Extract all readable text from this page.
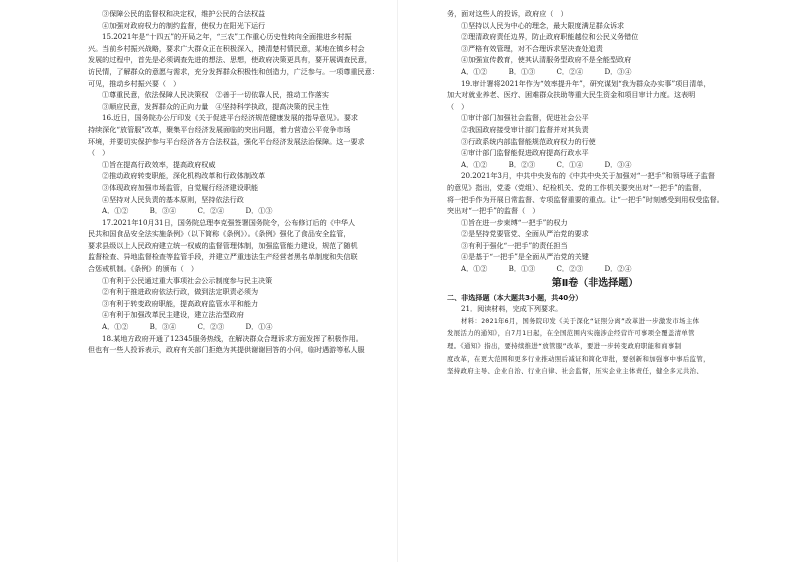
③保障公民的监督权和决定权，维护公民的合法权益
④加强对政府权力的制约监督，使权力在阳光下运行
15.2021年是“十四五”的开局之年，“三农”工作重心历史性转向全面推进乡村振
兴。当前乡村振兴战略，要求广大群众正在积极深入，摸清楚村情民意，某地在镇乡村会
发展的过程中，首先是必须调查先进的想法、思想，使政府决策更具有，要开展调查民意，
访民情，了解群众的意愿与需求，充分发挥群众积极性和创造力，广泛参与。一项尊重民意：
可见，推动乡村振兴要（　）
①尊重民意，依法保障人民决策权　②善于一切依靠人民，推动工作落实
③顺应民意，发挥群众的正向力量　④坚持科学执政，提高决策的民主性
16.近日，国务院办公厅印发《关于促进平台经济规范健康发展的指导意见》。要求
持续深化“放管服”改革，聚集平台经济发展面临的突出问题，着力营造公平竞争市场
环境，并要切实保护参与平台经济各方合法权益，强化平台经济发展法治保障。这一要求
（　）
①旨在提高行政效率，提高政府权威
②推动政府转变职能，深化机构改革和行政体制改革
③体现政府加强市场监管，自觉履行经济建设职能
④坚持对人民负责的基本原则，坚持依法行政
A．①②　　　B．③④　　　C．②④　　　D．①③
17.2021年10月31日，国务院总理李克强签署国务院令，公布修订后的《中华人
民共和国食品安全法实施条例》（以下简称《条例》）。《条例》强化了食品安全监管，
要求县级以上人民政府建立统一权威的监督管理体制，加强监管能力建设，规范了随机
监督检查、异地监督检查等监管手段，并建立严重违法生产经营者黑名单制度和失信联
合惩戒机制。《条例》的颁布（　）
①有利于公民通过重大事项社会公示制度参与民主决策
②有利于推进政府依法行政，做到法定职责必须为
③有利于转变政府职能，提高政府监管水平和能力
④有利于加强改革民主建设，建立法治型政府
A．①②　　　B．③④　　　C．②③　　　D．①④
18.某地方政府开通了12345服务热线，在解决群众合理诉求方面发挥了积极作用。
但也有一些人投诉表示，政府有关部门拒绝为其提供谢谢回答的小问，临时遇游等私人服
务，面对这些人的投诉，政府应（　）
①坚持以人民为中心的理念，最大限度满足群众诉求
②理清政府责任边界，防止政府职能越位和公民义务错位
③严格有效管理，对不合理诉求坚决查处追责
④加强宣传教育，使其认清服务型政府不是全能型政府
A．①②　　　B．①③　　　C．②④　　　D．③④
19.审计署将2021年作为“效率提升年”，研究谋划“我为群众办实事”项目清单，
加大对就业养老、医疗、困难群众扶助等重大民生资金和项目审计力度。这表明
（　）
①审计部门加强社会监督，促进社会公平
②我国政府接受审计部门监督并对其负责
③行政系统内部监督能规范政府权力的行使
④审计部门监督能促进政府提高行政水平
A．①②　　　B．②③　　　C．①④　　　D．③④
20.2021年3月，中共中央发布的《中共中央关于加强对“一把手”和领导班子监督
的意见》指出，党委（党组）、纪检机关、党的工作机关要突出对“一把手”的监督，
将一把手作为开展日常监督、专项监督重要的重点。让“一把手”时刻感受到用权受监督。
突出对“一把手”的监督（　）
①旨在进一步束缚“一把手”的权力
②是坚持党要管党、全面从严治党的要求
③有利于强化“一把手”的责任担当
④是基于“一把手”是全面从严治党的关键
A．①②　　　B．①③　　　C．②③　　　D．②④
第Ⅱ卷（非选择题）
二、非选择题（本大题共3小题，共40分）
21．阅读材料，完成下列要求。
材料：2021年6月，国务院印发《关于深化“证照分离”改革进一步激发市场主体
发展活力的通知》，自7月1日起，在全国范围内实施涉企经营许可事项全覆盖清单管
理。《通知》指出，要持续推进“放管服”改革，要进一步转变政府职能和商事制
度改革，在更大范围和更多行业推动照后减证和简化审批，要创新和加强事中事后监管，
坚持政府主导、企业自治、行业自律、社会监督，压实企业主体责任，健全多元共治、
